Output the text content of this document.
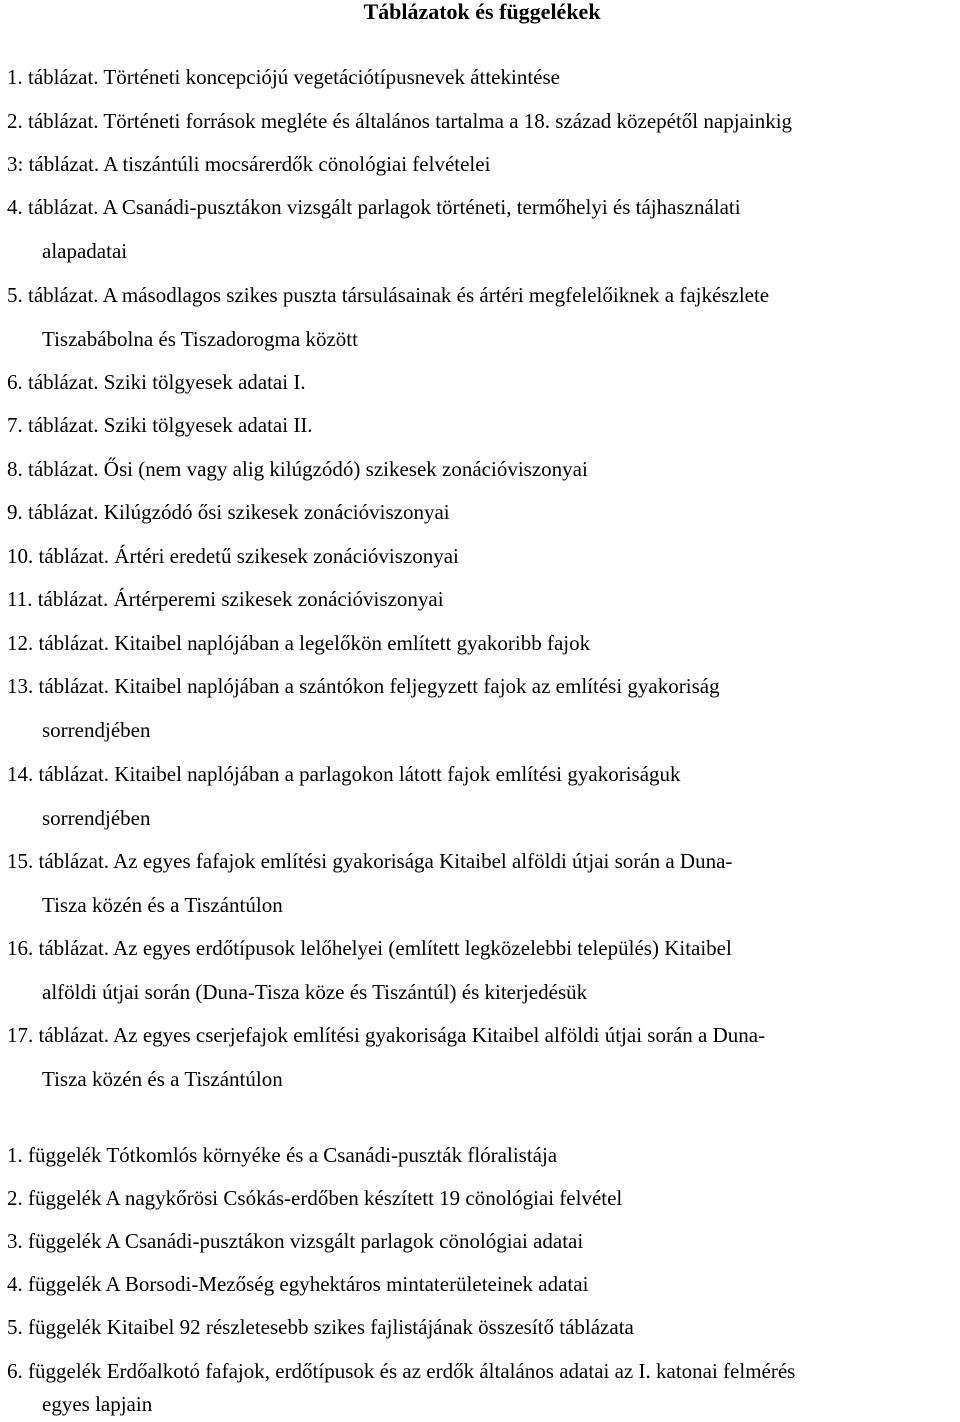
Táblázatok és függelékek
1. táblázat. Történeti koncepciójú vegetációtípusnevek áttekintése
2. táblázat. Történeti források megléte és általános tartalma a 18. század közepétől napjainkig
3: táblázat. A tiszántúli mocsárerdők cönológiai felvételei
4. táblázat. A Csanádi-pusztákon vizsgált parlagok történeti, termőhelyi és tájhasználati
alapadatai
5. táblázat. A másodlagos szikes puszta társulásainak és ártéri megfelelőiknek a fajkészlete
Tiszabábolna és Tiszadorogma között
6. táblázat. Sziki tölgyesek adatai I.
7. táblázat. Sziki tölgyesek adatai II.
8. táblázat. Ősi (nem vagy alig kilúgzódó) szikesek zonációviszonyai
9. táblázat. Kilúgzódó ősi szikesek zonációviszonyai
10. táblázat. Ártéri eredetű szikesek zonációviszonyai
11. táblázat. Ártérperemi szikesek zonációviszonyai
12. táblázat. Kitaibel naplójában a legelőkön említett gyakoribb fajok
13. táblázat. Kitaibel naplójában a szántókon feljegyzett fajok az említési gyakoriság
sorrendjében
14. táblázat. Kitaibel naplójában a parlagokon látott fajok említési gyakoriságuk
sorrendjében
15. táblázat. Az egyes fafajok említési gyakorisága Kitaibel alföldi útjai során a Duna-
Tisza közén és a Tiszántúlon
16. táblázat. Az egyes erdőtípusok lelőhelyei (említett legközelebbi település) Kitaibel
alföldi útjai során (Duna-Tisza köze és Tiszántúl) és kiterjedésük
17. táblázat. Az egyes cserjefajok említési gyakorisága Kitaibel alföldi útjai során a Duna-
Tisza közén és a Tiszántúlon
1. függelék Tótkomlós környéke és a Csanádi-puszták flóralistája
2. függelék A nagykőrösi Csókás-erdőben készített 19 cönológiai felvétel
3. függelék A Csanádi-pusztákon vizsgált parlagok cönológiai adatai
4. függelék A Borsodi-Mezőség egyhektáros mintaterületeinek adatai
5. függelék Kitaibel 92 részletesebb szikes fajlistájának összesítő táblázata
6. függelék Erdőalkotó fafajok, erdőtípusok és az erdők általános adatai az I. katonai felmérés
egyes lapjain
